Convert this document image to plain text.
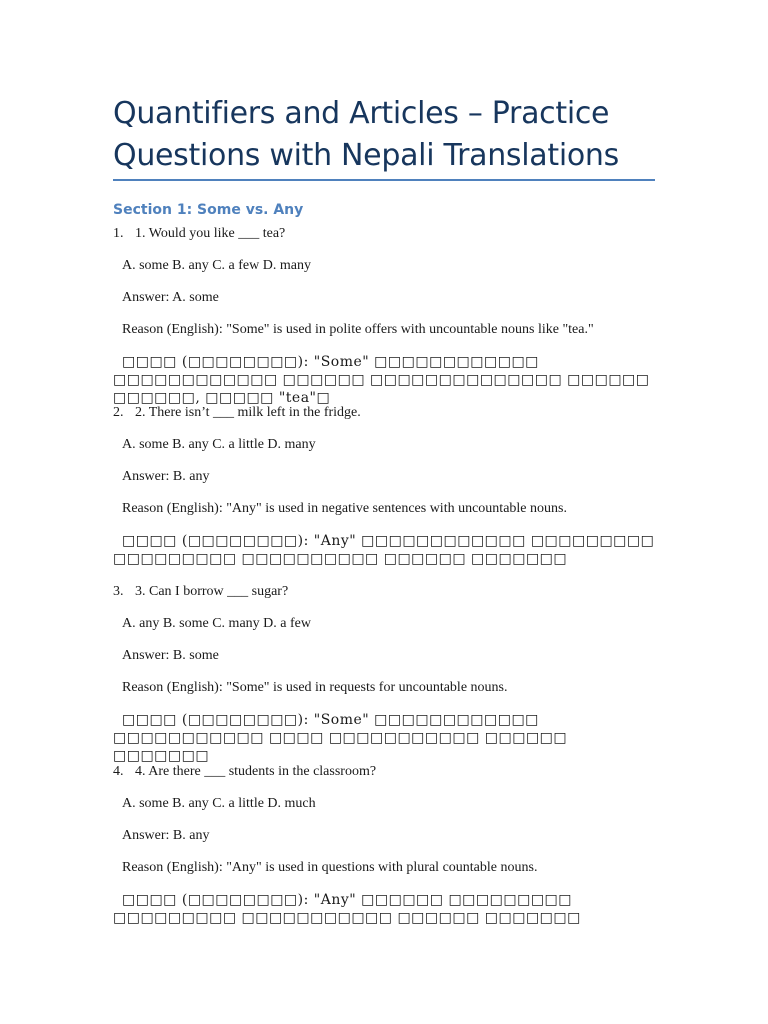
Quantifiers and Articles – Practice Questions with Nepali Translations
Section 1: Some vs. Any
1. 1. Would you like ___ tea?
A. some B. any C. a few D. many
Answer: A. some
Reason (English): "Some" is used in polite offers with uncountable nouns like "tea."
□□□□ (□□□□□□□□): "Some" □□□□□□□□□□□□ □□□□□□□□□□□□ □□□□□□ □□□□□□□□□□□□□□ □□□□□□ □□□□□□, □□□□□ "tea"□
2. 2. There isn’t ___ milk left in the fridge.
A. some B. any C. a little D. many
Answer: B. any
Reason (English): "Any" is used in negative sentences with uncountable nouns.
□□□□ (□□□□□□□□): "Any" □□□□□□□□□□□□ □□□□□□□□□ □□□□□□□□□ □□□□□□□□□□ □□□□□□ □□□□□□□
3. 3. Can I borrow ___ sugar?
A. any B. some C. many D. a few
Answer: B. some
Reason (English): "Some" is used in requests for uncountable nouns.
□□□□ (□□□□□□□□): "Some" □□□□□□□□□□□□ □□□□□□□□□□□ □□□□ □□□□□□□□□□□ □□□□□□ □□□□□□□
4. 4. Are there ___ students in the classroom?
A. some B. any C. a little D. much
Answer: B. any
Reason (English): "Any" is used in questions with plural countable nouns.
□□□□ (□□□□□□□□): "Any" □□□□□□ □□□□□□□□□ □□□□□□□□□ □□□□□□□□□□□ □□□□□□ □□□□□□□
